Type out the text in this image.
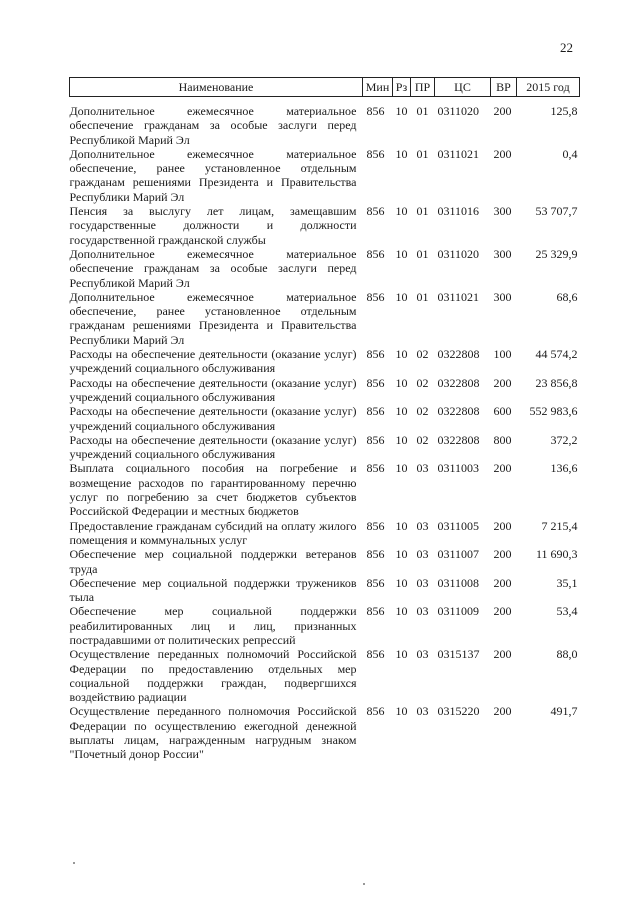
22
Наименование	Мин	Рз	ПР	ЦС	ВР	2015 год
Дополнительное ежемесячное материальное обеспечение гражданам за особые заслуги перед Республикой Марий Эл	856	10	01	0311020	200	125,8
Дополнительное ежемесячное материальное обеспечение, ранее установленное отдельным гражданам решениями Президента и Правительства Республики Марий Эл	856	10	01	0311021	200	0,4
Пенсия за выслугу лет лицам, замещавшим государственные должности и должности государственной гражданской службы	856	10	01	0311016	300	53 707,7
Дополнительное ежемесячное материальное обеспечение гражданам за особые заслуги перед Республикой Марий Эл	856	10	01	0311020	300	25 329,9
Дополнительное ежемесячное материальное обеспечение, ранее установленное отдельным гражданам решениями Президента и Правительства Республики Марий Эл	856	10	01	0311021	300	68,6
Расходы на обеспечение деятельности (оказание услуг) учреждений социального обслуживания	856	10	02	0322808	100	44 574,2
Расходы на обеспечение деятельности (оказание услуг) учреждений социального обслуживания	856	10	02	0322808	200	23 856,8
Расходы на обеспечение деятельности (оказание услуг) учреждений социального обслуживания	856	10	02	0322808	600	552 983,6
Расходы на обеспечение деятельности (оказание услуг) учреждений социального обслуживания	856	10	02	0322808	800	372,2
Выплата социального пособия на погребение и возмещение расходов по гарантированному перечню услуг по погребению за счет бюджетов субъектов Российской Федерации и местных бюджетов	856	10	03	0311003	200	136,6
Предоставление гражданам субсидий на оплату жилого помещения и коммунальных услуг	856	10	03	0311005	200	7 215,4
Обеспечение мер социальной поддержки ветеранов труда	856	10	03	0311007	200	11 690,3
Обеспечение мер социальной поддержки тружеников тыла	856	10	03	0311008	200	35,1
Обеспечение мер социальной поддержки реабилитированных лиц и лиц, признанных пострадавшими от политических репрессий	856	10	03	0311009	200	53,4
Осуществление переданных полномочий Российской Федерации по предоставлению отдельных мер социальной поддержки граждан, подвергшихся воздействию радиации	856	10	03	0315137	200	88,0
Осуществление переданного полномочия Российской Федерации по осуществлению ежегодной денежной выплаты лицам, награжденным нагрудным знаком "Почетный донор России"	856	10	03	0315220	200	491,7
